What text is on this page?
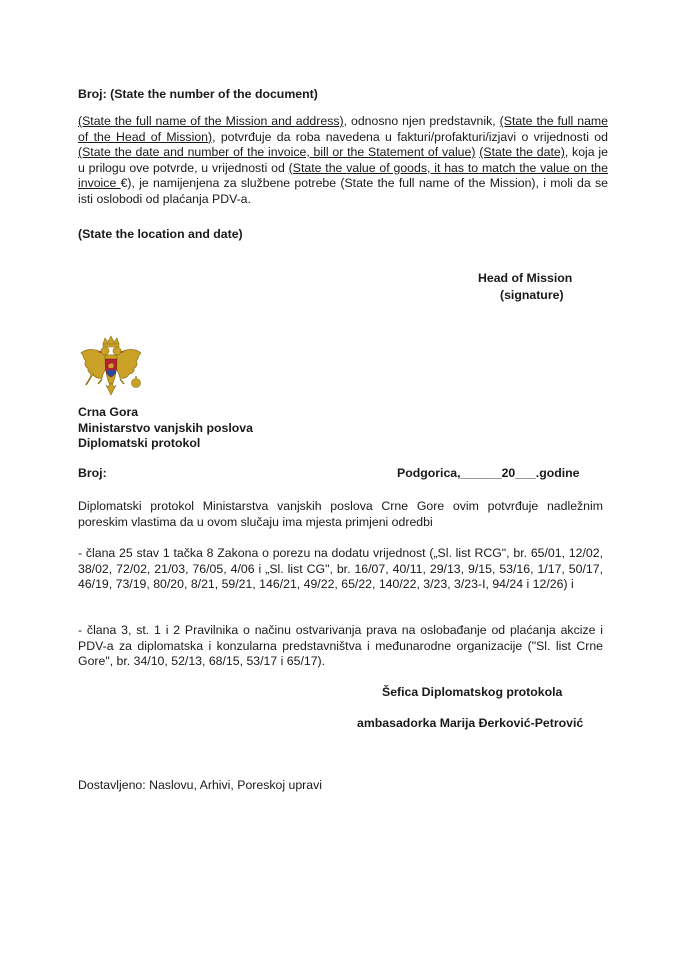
Broj: (State the number of the document)

(State the full name of the Mission and address), odnosno njen predstavnik, (State the full name of the Head of Mission), potvrđuje da roba navedena u fakturi/profakturi/izjavi o vrijednosti od (State the date and number of the invoice, bill or the Statement of value) (State the date), koja je u prilogu ove potvrde, u vrijednosti od (State the value of goods, it has to match the value on the invoice €), je namijenjena za službene potrebe (State the full name of the Mission), i moli da se isti oslobodi od plaćanja PDV-a.

(State the location and date)

Head of Mission

(signature)

Crna Gora

Ministarstvo vanjskih poslova

Diplomatski protokol

Broj:	Podgorica,______20___.godine

Diplomatski protokol Ministarstva vanjskih poslova Crne Gore ovim potvrđuje nadležnim poreskim vlastima da u ovom slučaju ima mjesta primjeni odredbi

- člana 25 stav 1 tačka 8 Zakona o porezu na dodatu vrijednost („Sl. list RCG", br. 65/01, 12/02, 38/02, 72/02, 21/03, 76/05, 4/06 i „Sl. list CG", br. 16/07, 40/11, 29/13, 9/15, 53/16, 1/17, 50/17, 46/19, 73/19, 80/20, 8/21, 59/21, 146/21, 49/22, 65/22, 140/22, 3/23, 3/23-I, 94/24 i 12/26) i

- člana 3, st. 1 i 2 Pravilnika o načinu ostvarivanja prava na oslobađanje od plaćanja akcize i PDV-a za diplomatska i konzularna predstavništva i međunarodne organizacije ("Sl. list Crne Gore", br. 34/10, 52/13, 68/15, 53/17 i 65/17).

Šefica Diplomatskog protokola

ambasadorka Marija Đerković-Petrović

Dostavljeno: Naslovu, Arhivi, Poreskoj upravi
